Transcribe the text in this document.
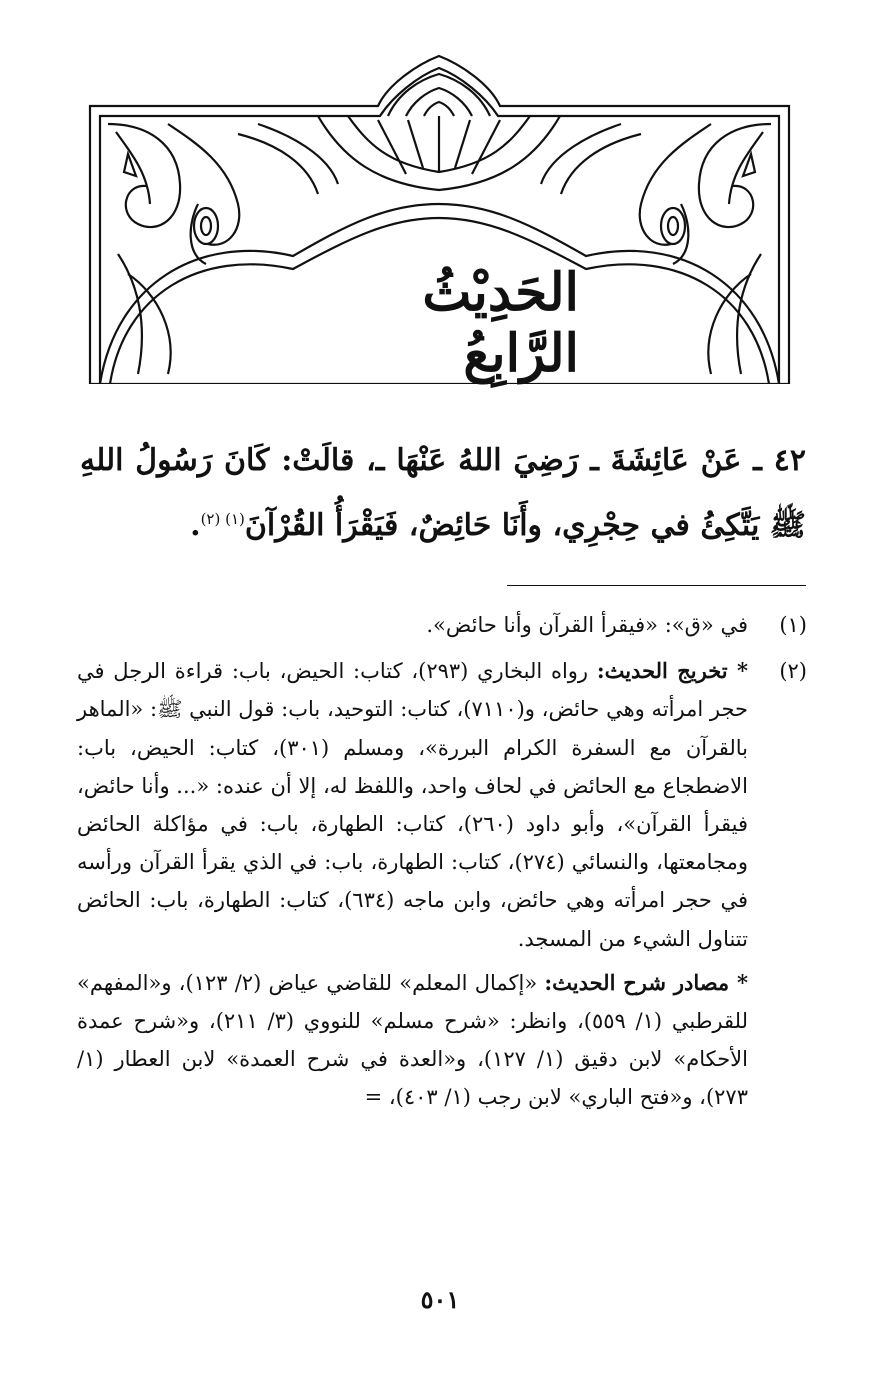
الحَدِيْثُ الرَّابِعُ
٤٢ ـ عَنْ عَائِشَةَ ـ رَضِيَ اللهُ عَنْهَا ـ، قالَتْ: كَانَ رَسُولُ اللهِ ﷺ يَتَّكِئُ في حِجْرِي، وأَنَا حَائِضٌ، فَيَقْرَأُ القُرْآنَ$^{(١) (٢)}$.
(١)

في «ق»: «فيقرأ القرآن وأنا حائض».

(٢)

* تخريج الحديث: رواه البخاري (٢٩٣)، كتاب: الحيض، باب: قراءة الرجل في حجر امرأته وهي حائض، و(٧١١٠)، كتاب: التوحيد، باب: قول النبي ﷺ: «الماهر بالقرآن مع السفرة الكرام البررة»، ومسلم (٣٠١)، كتاب: الحيض، باب: الاضطجاع مع الحائض في لحاف واحد، واللفظ له، إلا أن عنده: «... وأنا حائض، فيقرأ القرآن»، وأبو داود (٢٦٠)، كتاب: الطهارة، باب: في مؤاكلة الحائض ومجامعتها، والنسائي (٢٧٤)، كتاب: الطهارة، باب: في الذي يقرأ القرآن ورأسه في حجر امرأته وهي حائض، وابن ماجه (٦٣٤)، كتاب: الطهارة، باب: الحائض تتناول الشيء من المسجد.

* مصادر شرح الحديث: «إكمال المعلم» للقاضي عياض (٢/ ١٢٣)، و«المفهم» للقرطبي (١/ ٥٥٩)، وانظر: «شرح مسلم» للنووي (٣/ ٢١١)، و«شرح عمدة الأحكام» لابن دقيق (١/ ١٢٧)، و«العدة في شرح العمدة» لابن العطار (١/ ٢٧٣)، و«فتح الباري» لابن رجب (١/ ٤٠٣)، =

٥٠١
